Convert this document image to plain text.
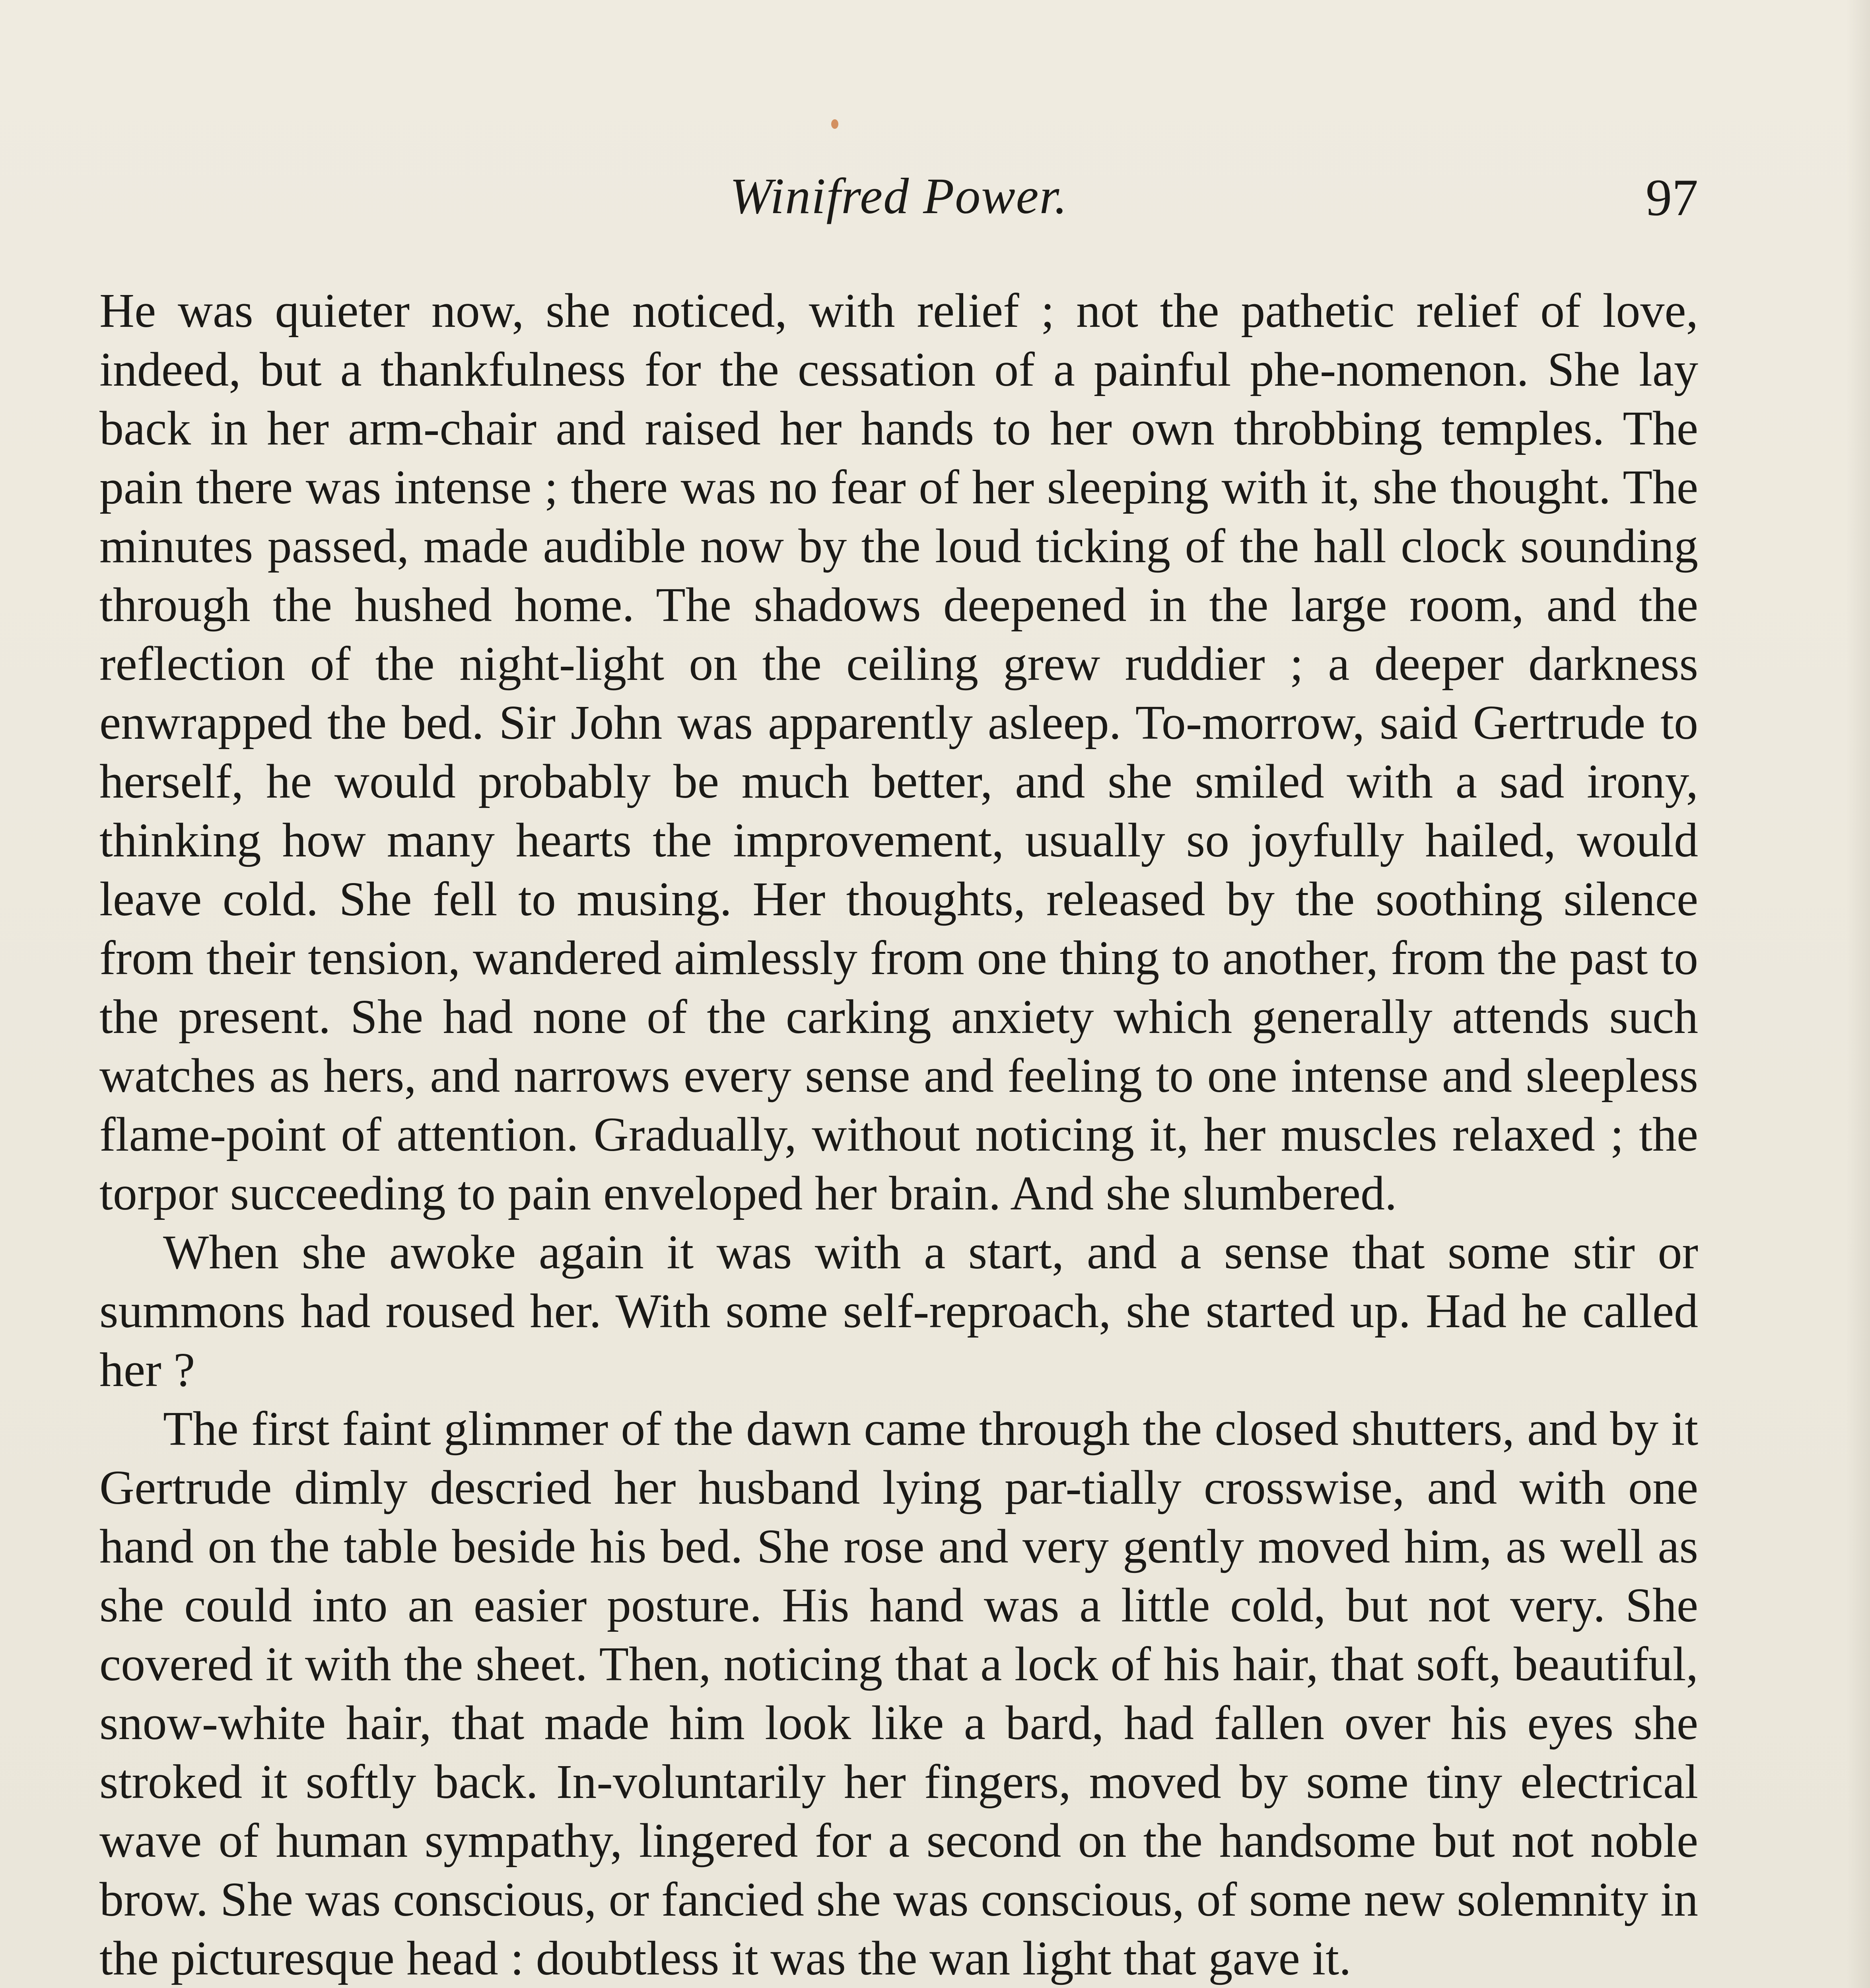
Winifred Power.	97

He was quieter now, she noticed, with relief ; not the pathetic relief of love, indeed, but a thankfulness for the cessation of a painful phe-nomenon. She lay back in her arm-chair and raised her hands to her own throbbing temples. The pain there was intense ; there was no fear of her sleeping with it, she thought. The minutes passed, made audible now by the loud ticking of the hall clock sounding through the hushed home. The shadows deepened in the large room, and the reflection of the night-light on the ceiling grew ruddier ; a deeper darkness enwrapped the bed. Sir John was apparently asleep. To-morrow, said Gertrude to herself, he would probably be much better, and she smiled with a sad irony, thinking how many hearts the improvement, usually so joyfully hailed, would leave cold. She fell to musing. Her thoughts, released by the soothing silence from their tension, wandered aimlessly from one thing to another, from the past to the present. She had none of the carking anxiety which generally attends such watches as hers, and narrows every sense and feeling to one intense and sleepless flame-point of attention. Gradually, without noticing it, her muscles relaxed ; the torpor succeeding to pain enveloped her brain. And she slumbered.

When she awoke again it was with a start, and a sense that some stir or summons had roused her. With some self-reproach, she started up. Had he called her ?

The first faint glimmer of the dawn came through the closed shutters, and by it Gertrude dimly descried her husband lying par-tially crosswise, and with one hand on the table beside his bed. She rose and very gently moved him, as well as she could into an easier posture. His hand was a little cold, but not very. She covered it with the sheet. Then, noticing that a lock of his hair, that soft, beautiful, snow-white hair, that made him look like a bard, had fallen over his eyes she stroked it softly back. In-voluntarily her fingers, moved by some tiny electrical wave of human sympathy, lingered for a second on the handsome but not noble brow. She was conscious, or fancied she was conscious, of some new solemnity in the picturesque head : doubtless it was the wan light that gave it.
